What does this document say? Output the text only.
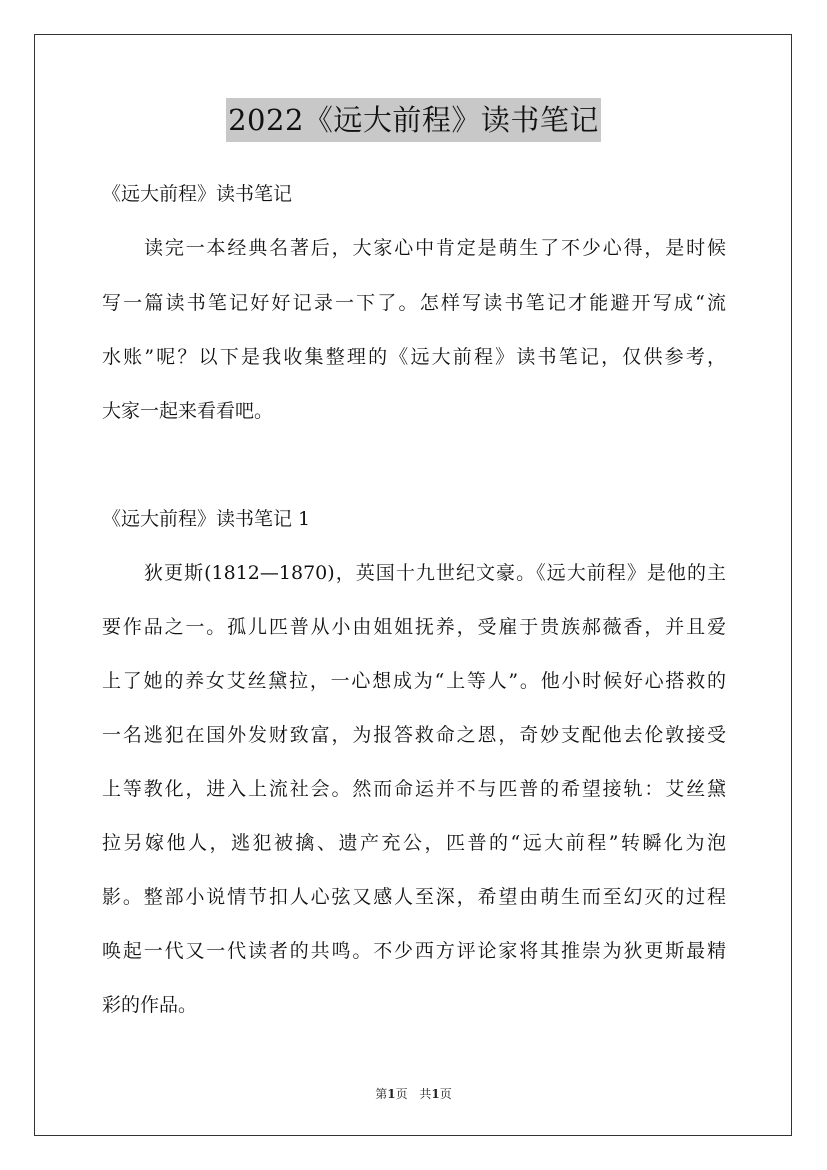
2022《远大前程》读书笔记
《远大前程》读书笔记
读完一本经典名著后，大家心中肯定是萌生了不少心得，是时候
写一篇读书笔记好好记录一下了。怎样写读书笔记才能避开写成“流
水账”呢？以下是我收集整理的《远大前程》读书笔记，仅供参考，
大家一起来看看吧。
《远大前程》读书笔记 1
狄更斯(1812—1870)，英国十九世纪文豪。《远大前程》是他的主
要作品之一。孤儿匹普从小由姐姐抚养，受雇于贵族郝薇香，并且爱
上了她的养女艾丝黛拉，一心想成为“上等人”。他小时候好心搭救的
一名逃犯在国外发财致富，为报答救命之恩，奇妙支配他去伦敦接受
上等教化，进入上流社会。然而命运并不与匹普的希望接轨：艾丝黛
拉另嫁他人，逃犯被擒、遗产充公，匹普的“远大前程”转瞬化为泡
影。整部小说情节扣人心弦又感人至深，希望由萌生而至幻灭的过程
唤起一代又一代读者的共鸣。不少西方评论家将其推崇为狄更斯最精
彩的作品。
第1页 共1页
